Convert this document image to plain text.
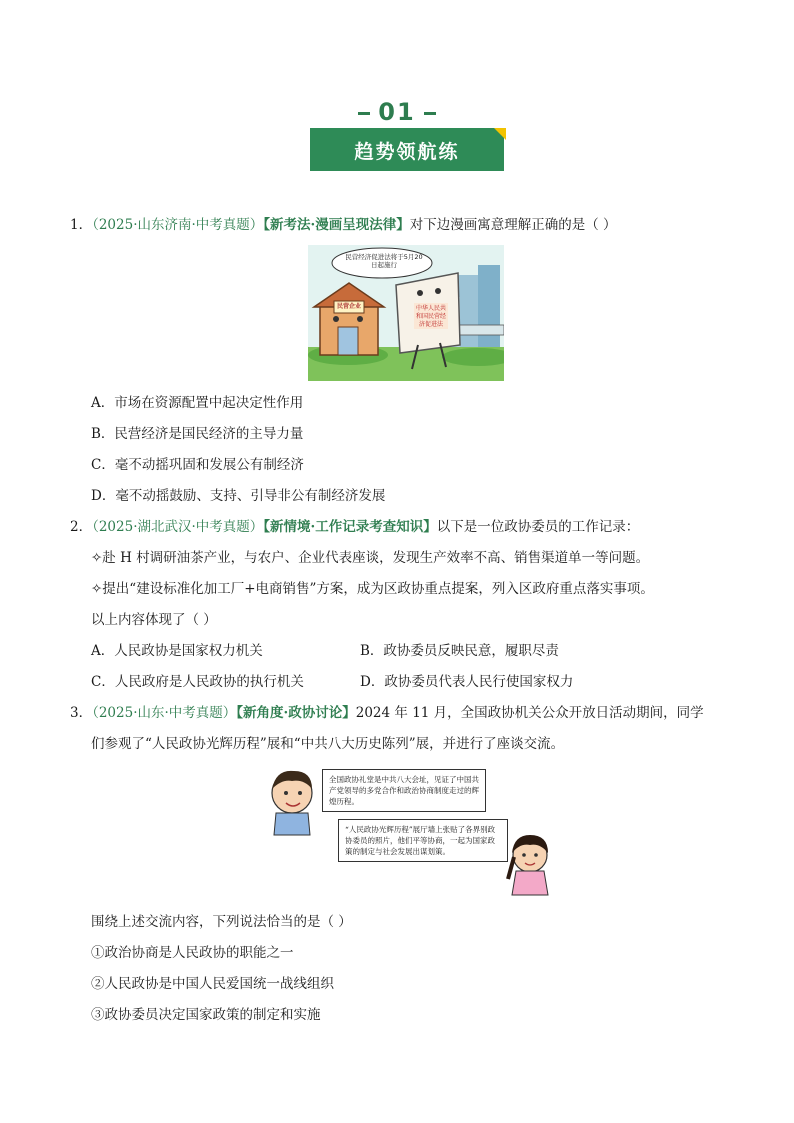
01
趋势领航练
1．（2025·山东济南·中考真题）【新考法·漫画呈现法律】对下边漫画寓意理解正确的是（ ）
民营经济促进法将于5月20日起施行
民营企业	中华人民共和国民营经济促进法
A．市场在资源配置中起决定性作用
B．民营经济是国民经济的主导力量
C．毫不动摇巩固和发展公有制经济
D．毫不动摇鼓励、支持、引导非公有制经济发展
2．（2025·湖北武汉·中考真题）【新情境·工作记录考查知识】以下是一位政协委员的工作记录：
✧赴 H 村调研油茶产业，与农户、企业代表座谈，发现生产效率不高、销售渠道单一等问题。
✧提出“建设标准化加工厂+电商销售”方案，成为区政协重点提案，列入区政府重点落实事项。
以上内容体现了（ ）
A．人民政协是国家权力机关	B．政协委员反映民意，履职尽责
C．人民政府是人民政协的执行机关	D．政协委员代表人民行使国家权力
3．（2025·山东·中考真题）【新角度·政协讨论】2024 年 11 月，全国政协机关公众开放日活动期间，同学
们参观了“人民政协光辉历程”展和“中共八大历史陈列”展，并进行了座谈交流。
全国政协礼堂是中共八大会址，见证了中国共产党领导的多党合作和政治协商制度走过的辉煌历程。
“人民政协光辉历程”展厅墙上张贴了各界别政协委员的照片，他们平等协商，一起为国家政策的制定与社会发展出谋划策。
围绕上述交流内容，下列说法恰当的是（ ）
①政治协商是人民政协的职能之一
②人民政协是中国人民爱国统一战线组织
③政协委员决定国家政策的制定和实施
